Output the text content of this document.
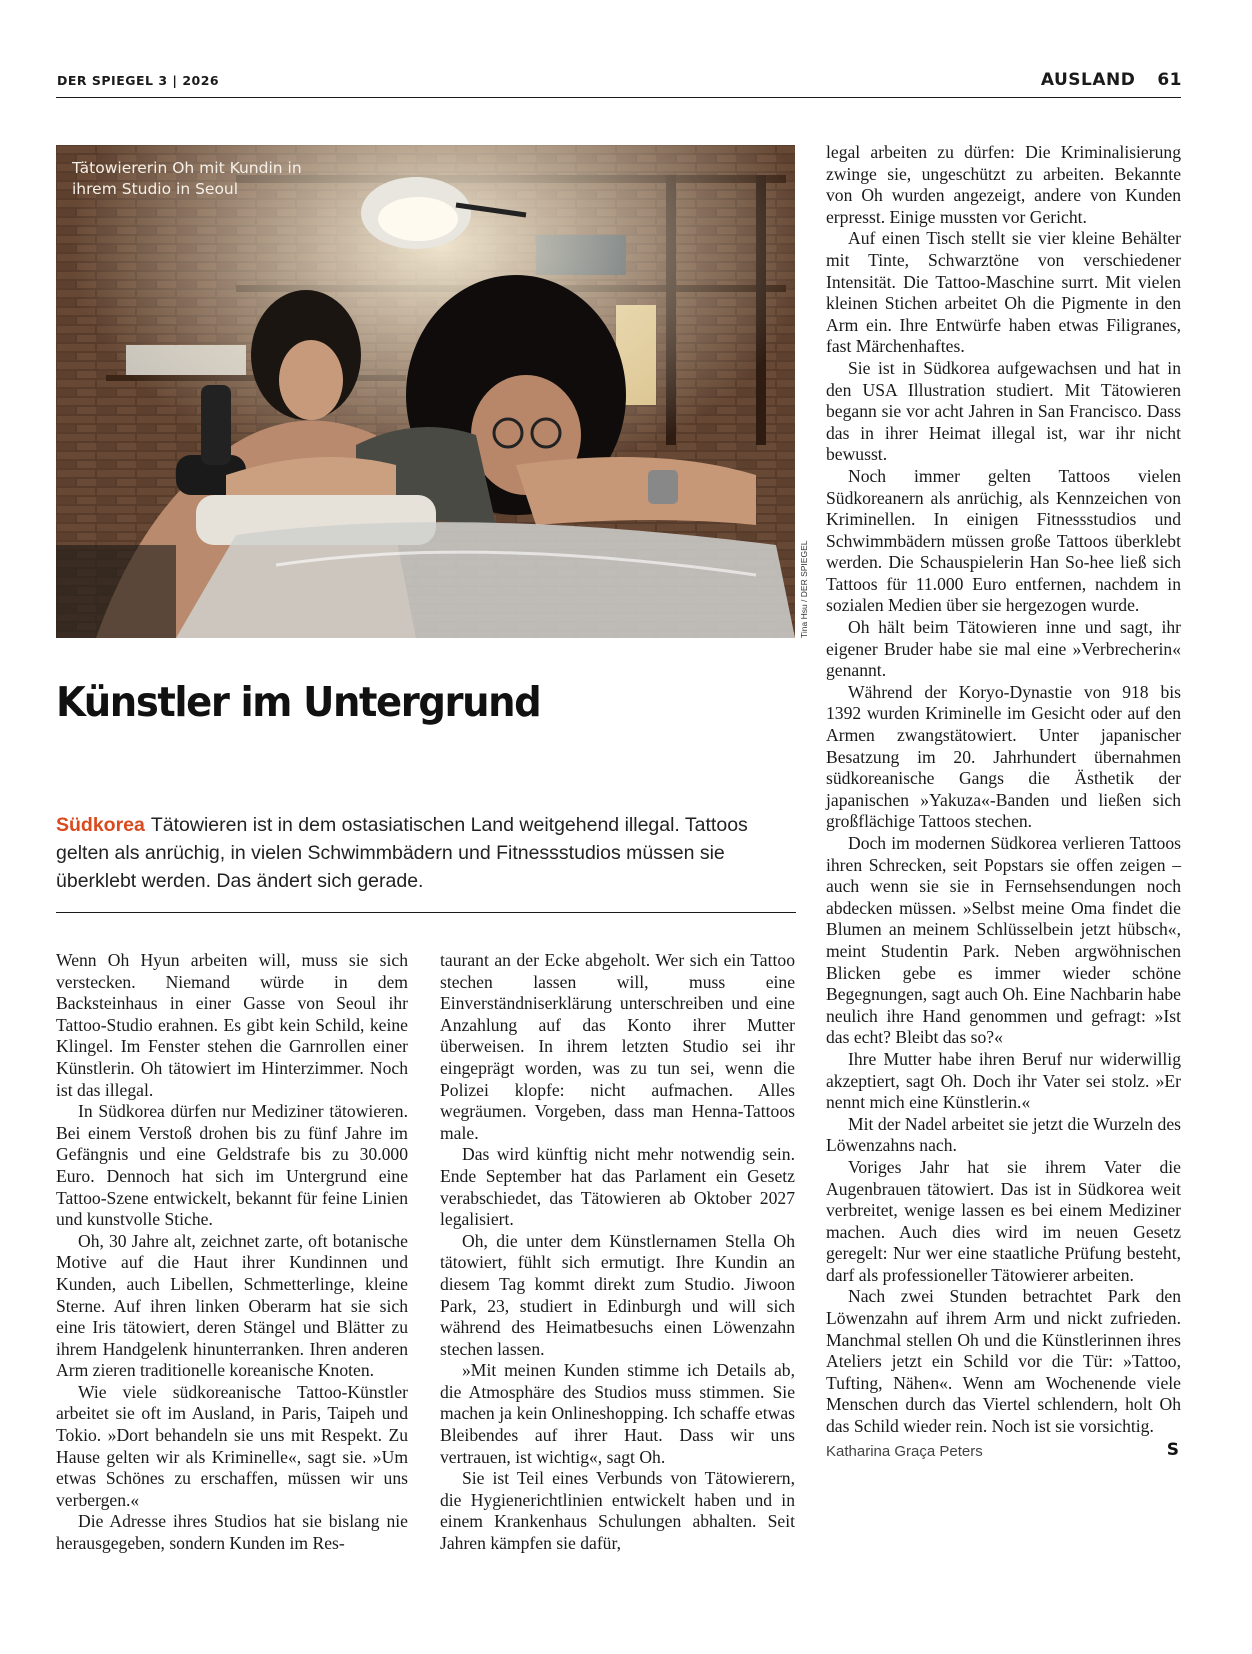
DER SPIEGEL 3 | 2026	AUSLAND 61
Tätowiererin Oh mit Kundin in ihrem Studio in Seoul
Tina Hsu / DER SPIEGEL
Künstler im Untergrund
Südkorea Tätowieren ist in dem ostasiatischen Land weitgehend illegal. Tattoos gelten als anrüchig, in vielen Schwimmbädern und Fitnessstudios müssen sie überklebt werden. Das ändert sich gerade.

Wenn Oh Hyun arbeiten will, muss sie sich verstecken. Niemand würde in dem Backsteinhaus in einer Gasse von Seoul ihr Tattoo-Studio erahnen. Es gibt kein Schild, keine Klingel. Im Fenster stehen die Garnrollen einer Künstlerin. Oh tätowiert im Hinterzimmer. Noch ist das illegal.

In Südkorea dürfen nur Mediziner tätowieren. Bei einem Verstoß drohen bis zu fünf Jahre im Gefängnis und eine Geldstrafe bis zu 30.000 Euro. Dennoch hat sich im Untergrund eine Tattoo-Szene entwickelt, bekannt für feine Linien und kunstvolle Stiche.

Oh, 30 Jahre alt, zeichnet zarte, oft botanische Motive auf die Haut ihrer Kundinnen und Kunden, auch Libellen, Schmetterlinge, kleine Sterne. Auf ihren linken Oberarm hat sie sich eine Iris tätowiert, deren Stängel und Blätter zu ihrem Handgelenk hinunterranken. Ihren anderen Arm zieren traditionelle koreanische Knoten.

Wie viele südkoreanische Tattoo-Künstler arbeitet sie oft im Ausland, in Paris, Taipeh und Tokio. »Dort behandeln sie uns mit Respekt. Zu Hause gelten wir als Kriminelle«, sagt sie. »Um etwas Schönes zu erschaffen, müssen wir uns verbergen.«

Die Adresse ihres Studios hat sie bislang nie herausgegeben, sondern Kunden im Res-

taurant an der Ecke abgeholt. Wer sich ein Tattoo stechen lassen will, muss eine Einverständniserklärung unterschreiben und eine Anzahlung auf das Konto ihrer Mutter überweisen. In ihrem letzten Studio sei ihr eingeprägt worden, was zu tun sei, wenn die Polizei klopfe: nicht aufmachen. Alles wegräumen. Vorgeben, dass man Henna-Tattoos male.

Das wird künftig nicht mehr notwendig sein. Ende September hat das Parlament ein Gesetz verabschiedet, das Tätowieren ab Oktober 2027 legalisiert.

Oh, die unter dem Künstlernamen Stella Oh tätowiert, fühlt sich ermutigt. Ihre Kundin an diesem Tag kommt direkt zum Studio. Jiwoon Park, 23, studiert in Edinburgh und will sich während des Heimatbesuchs einen Löwenzahn stechen lassen.

»Mit meinen Kunden stimme ich Details ab, die Atmosphäre des Studios muss stimmen. Sie machen ja kein Onlineshopping. Ich schaffe etwas Bleibendes auf ihrer Haut. Dass wir uns vertrauen, ist wichtig«, sagt Oh.

Sie ist Teil eines Verbunds von Tätowierern, die Hygienerichtlinien entwickelt haben und in einem Krankenhaus Schulungen abhalten. Seit Jahren kämpfen sie dafür,

legal arbeiten zu dürfen: Die Kriminalisierung zwinge sie, ungeschützt zu arbeiten. Bekannte von Oh wurden angezeigt, andere von Kunden erpresst. Einige mussten vor Gericht.

Auf einen Tisch stellt sie vier kleine Behälter mit Tinte, Schwarztöne von verschiedener Intensität. Die Tattoo-Maschine surrt. Mit vielen kleinen Stichen arbeitet Oh die Pigmente in den Arm ein. Ihre Entwürfe haben etwas Filigranes, fast Märchenhaftes.

Sie ist in Südkorea aufgewachsen und hat in den USA Illustration studiert. Mit Tätowieren begann sie vor acht Jahren in San Francisco. Dass das in ihrer Heimat illegal ist, war ihr nicht bewusst.

Noch immer gelten Tattoos vielen Südkoreanern als anrüchig, als Kennzeichen von Kriminellen. In einigen Fitnessstudios und Schwimmbädern müssen große Tattoos überklebt werden. Die Schauspielerin Han So-hee ließ sich Tattoos für 11.000 Euro entfernen, nachdem in sozialen Medien über sie hergezogen wurde.

Oh hält beim Tätowieren inne und sagt, ihr eigener Bruder habe sie mal eine »Verbrecherin« genannt.

Während der Koryo-Dynastie von 918 bis 1392 wurden Kriminelle im Gesicht oder auf den Armen zwangstätowiert. Unter japanischer Besatzung im 20. Jahrhundert übernahmen südkoreanische Gangs die Ästhetik der japanischen »Yakuza«-Banden und ließen sich großflächige Tattoos stechen.

Doch im modernen Südkorea verlieren Tattoos ihren Schrecken, seit Popstars sie offen zeigen – auch wenn sie sie in Fernsehsendungen noch abdecken müssen. »Selbst meine Oma findet die Blumen an meinem Schlüsselbein jetzt hübsch«, meint Studentin Park. Neben argwöhnischen Blicken gebe es immer wieder schöne Begegnungen, sagt auch Oh. Eine Nachbarin habe neulich ihre Hand genommen und gefragt: »Ist das echt? Bleibt das so?«

Ihre Mutter habe ihren Beruf nur widerwillig akzeptiert, sagt Oh. Doch ihr Vater sei stolz. »Er nennt mich eine Künstlerin.«

Mit der Nadel arbeitet sie jetzt die Wurzeln des Löwenzahns nach.

Voriges Jahr hat sie ihrem Vater die Augenbrauen tätowiert. Das ist in Südkorea weit verbreitet, wenige lassen es bei einem Mediziner machen. Auch dies wird im neuen Gesetz geregelt: Nur wer eine staatliche Prüfung besteht, darf als professioneller Tätowierer arbeiten.

Nach zwei Stunden betrachtet Park den Löwenzahn auf ihrem Arm und nickt zufrieden. Manchmal stellen Oh und die Künstlerinnen ihres Ateliers jetzt ein Schild vor die Tür: »Tattoo, Tufting, Nähen«. Wenn am Wochenende viele Menschen durch das Viertel schlendern, holt Oh das Schild wieder rein. Noch ist sie vorsichtig.

Katharina Graça Peters	S
